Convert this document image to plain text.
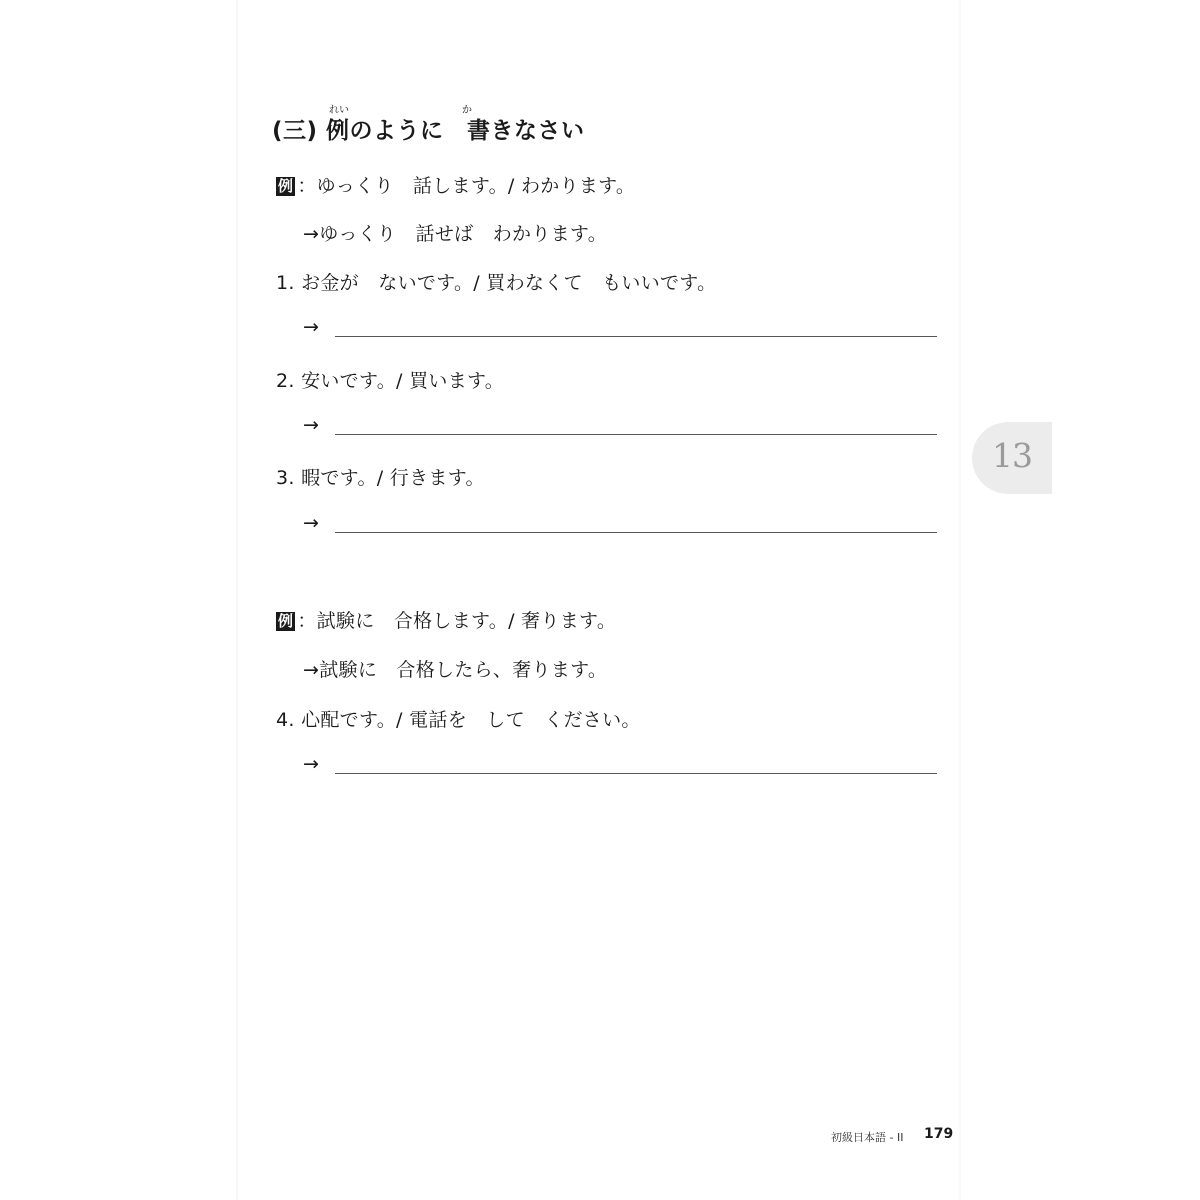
れい	か
(三) 例のように　書きなさい
例 ：ゆっくり　話します。/ わかります。
→ゆっくり　話せば　わかります。
1. お金が　ないです。/ 買わなくて　もいいです。
→
2. 安いです。/ 買います。
→
3. 暇です。/ 行きます。
→
例 ：試験に　合格します。/ 奢ります。
→試験に　合格したら、奢ります。
4. 心配です。/ 電話を　して　ください。
→
13
初級日本語 - II 179
